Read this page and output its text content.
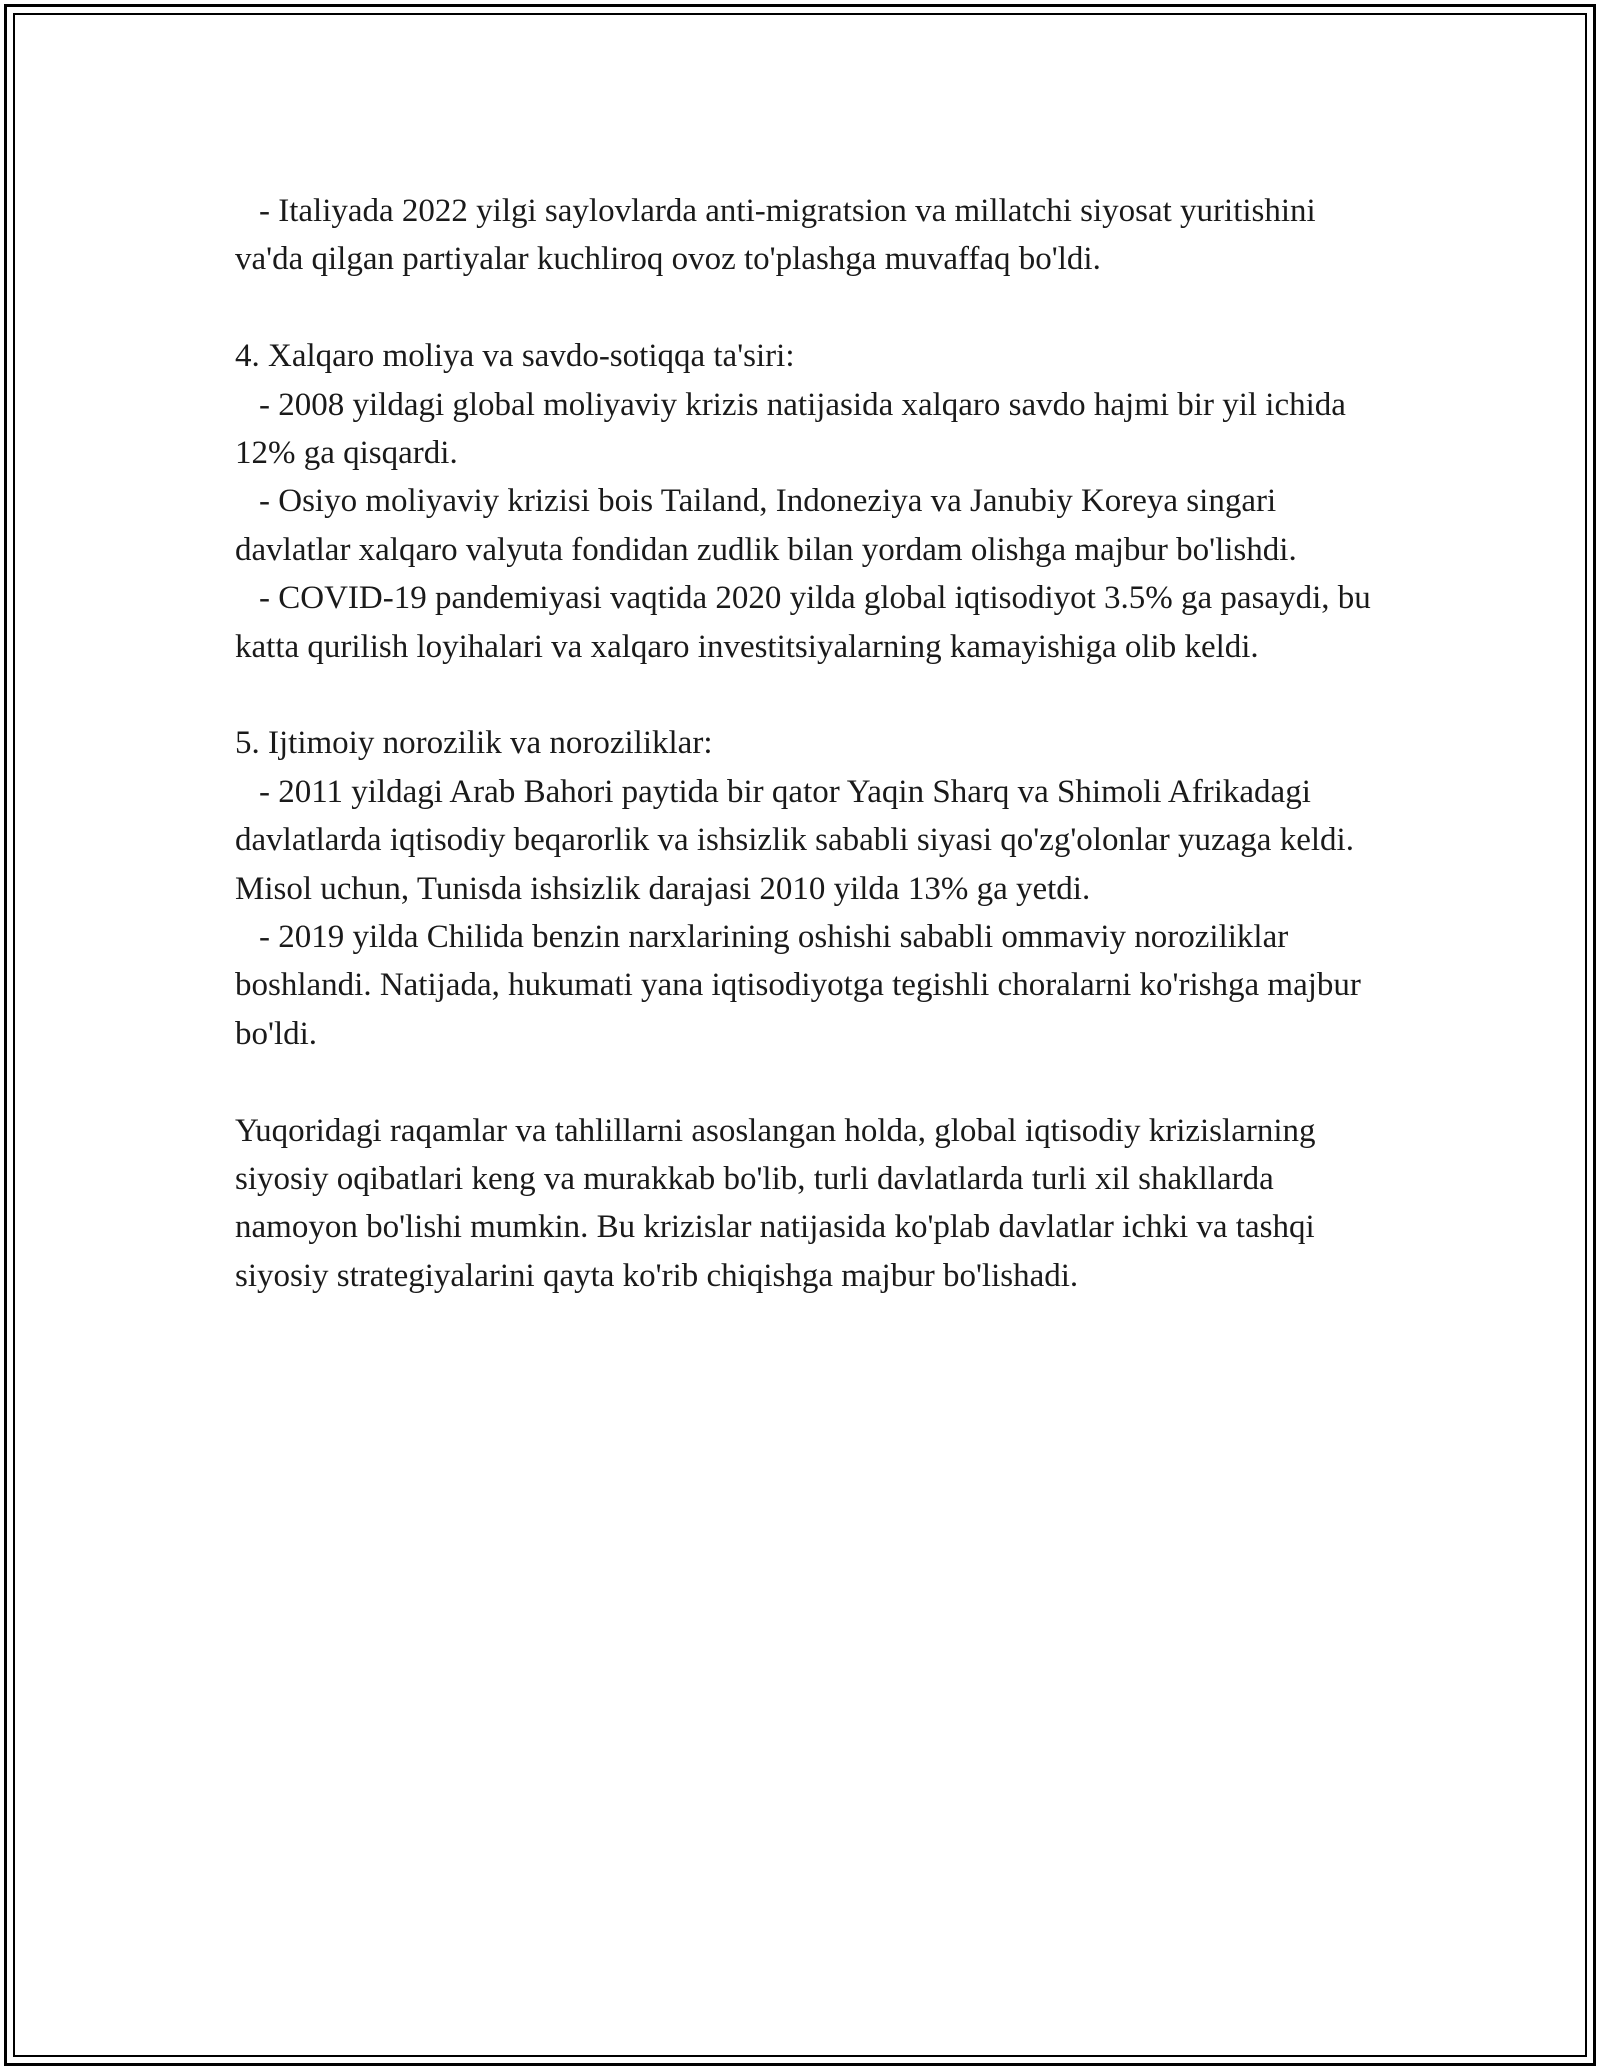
- Italiyada 2022 yilgi saylovlarda anti-migratsion va millatchi siyosat yuritishini va'da qilgan partiyalar kuchliroq ovoz to'plashga muvaffaq bo'ldi.

4. Xalqaro moliya va savdo-sotiqqa ta'siri:

- 2008 yildagi global moliyaviy krizis natijasida xalqaro savdo hajmi bir yil ichida 12% ga qisqardi.

- Osiyo moliyaviy krizisi bois Tailand, Indoneziya va Janubiy Koreya singari davlatlar xalqaro valyuta fondidan zudlik bilan yordam olishga majbur bo'lishdi.

- COVID-19 pandemiyasi vaqtida 2020 yilda global iqtisodiyot 3.5% ga pasaydi, bu katta qurilish loyihalari va xalqaro investitsiyalarning kamayishiga olib keldi.

5. Ijtimoiy norozilik va noroziliklar:

- 2011 yildagi Arab Bahori paytida bir qator Yaqin Sharq va Shimoli Afrikadagi davlatlarda iqtisodiy beqarorlik va ishsizlik sababli siyasi qo'zg'olonlar yuzaga keldi. Misol uchun, Tunisda ishsizlik darajasi 2010 yilda 13% ga yetdi.

- 2019 yilda Chilida benzin narxlarining oshishi sababli ommaviy noroziliklar boshlandi. Natijada, hukumati yana iqtisodiyotga tegishli choralarni ko'rishga majbur bo'ldi.

Yuqoridagi raqamlar va tahlillarni asoslangan holda, global iqtisodiy krizislarning siyosiy oqibatlari keng va murakkab bo'lib, turli davlatlarda turli xil shakllarda namoyon bo'lishi mumkin. Bu krizislar natijasida ko'plab davlatlar ichki va tashqi siyosiy strategiyalarini qayta ko'rib chiqishga majbur bo'lishadi.
